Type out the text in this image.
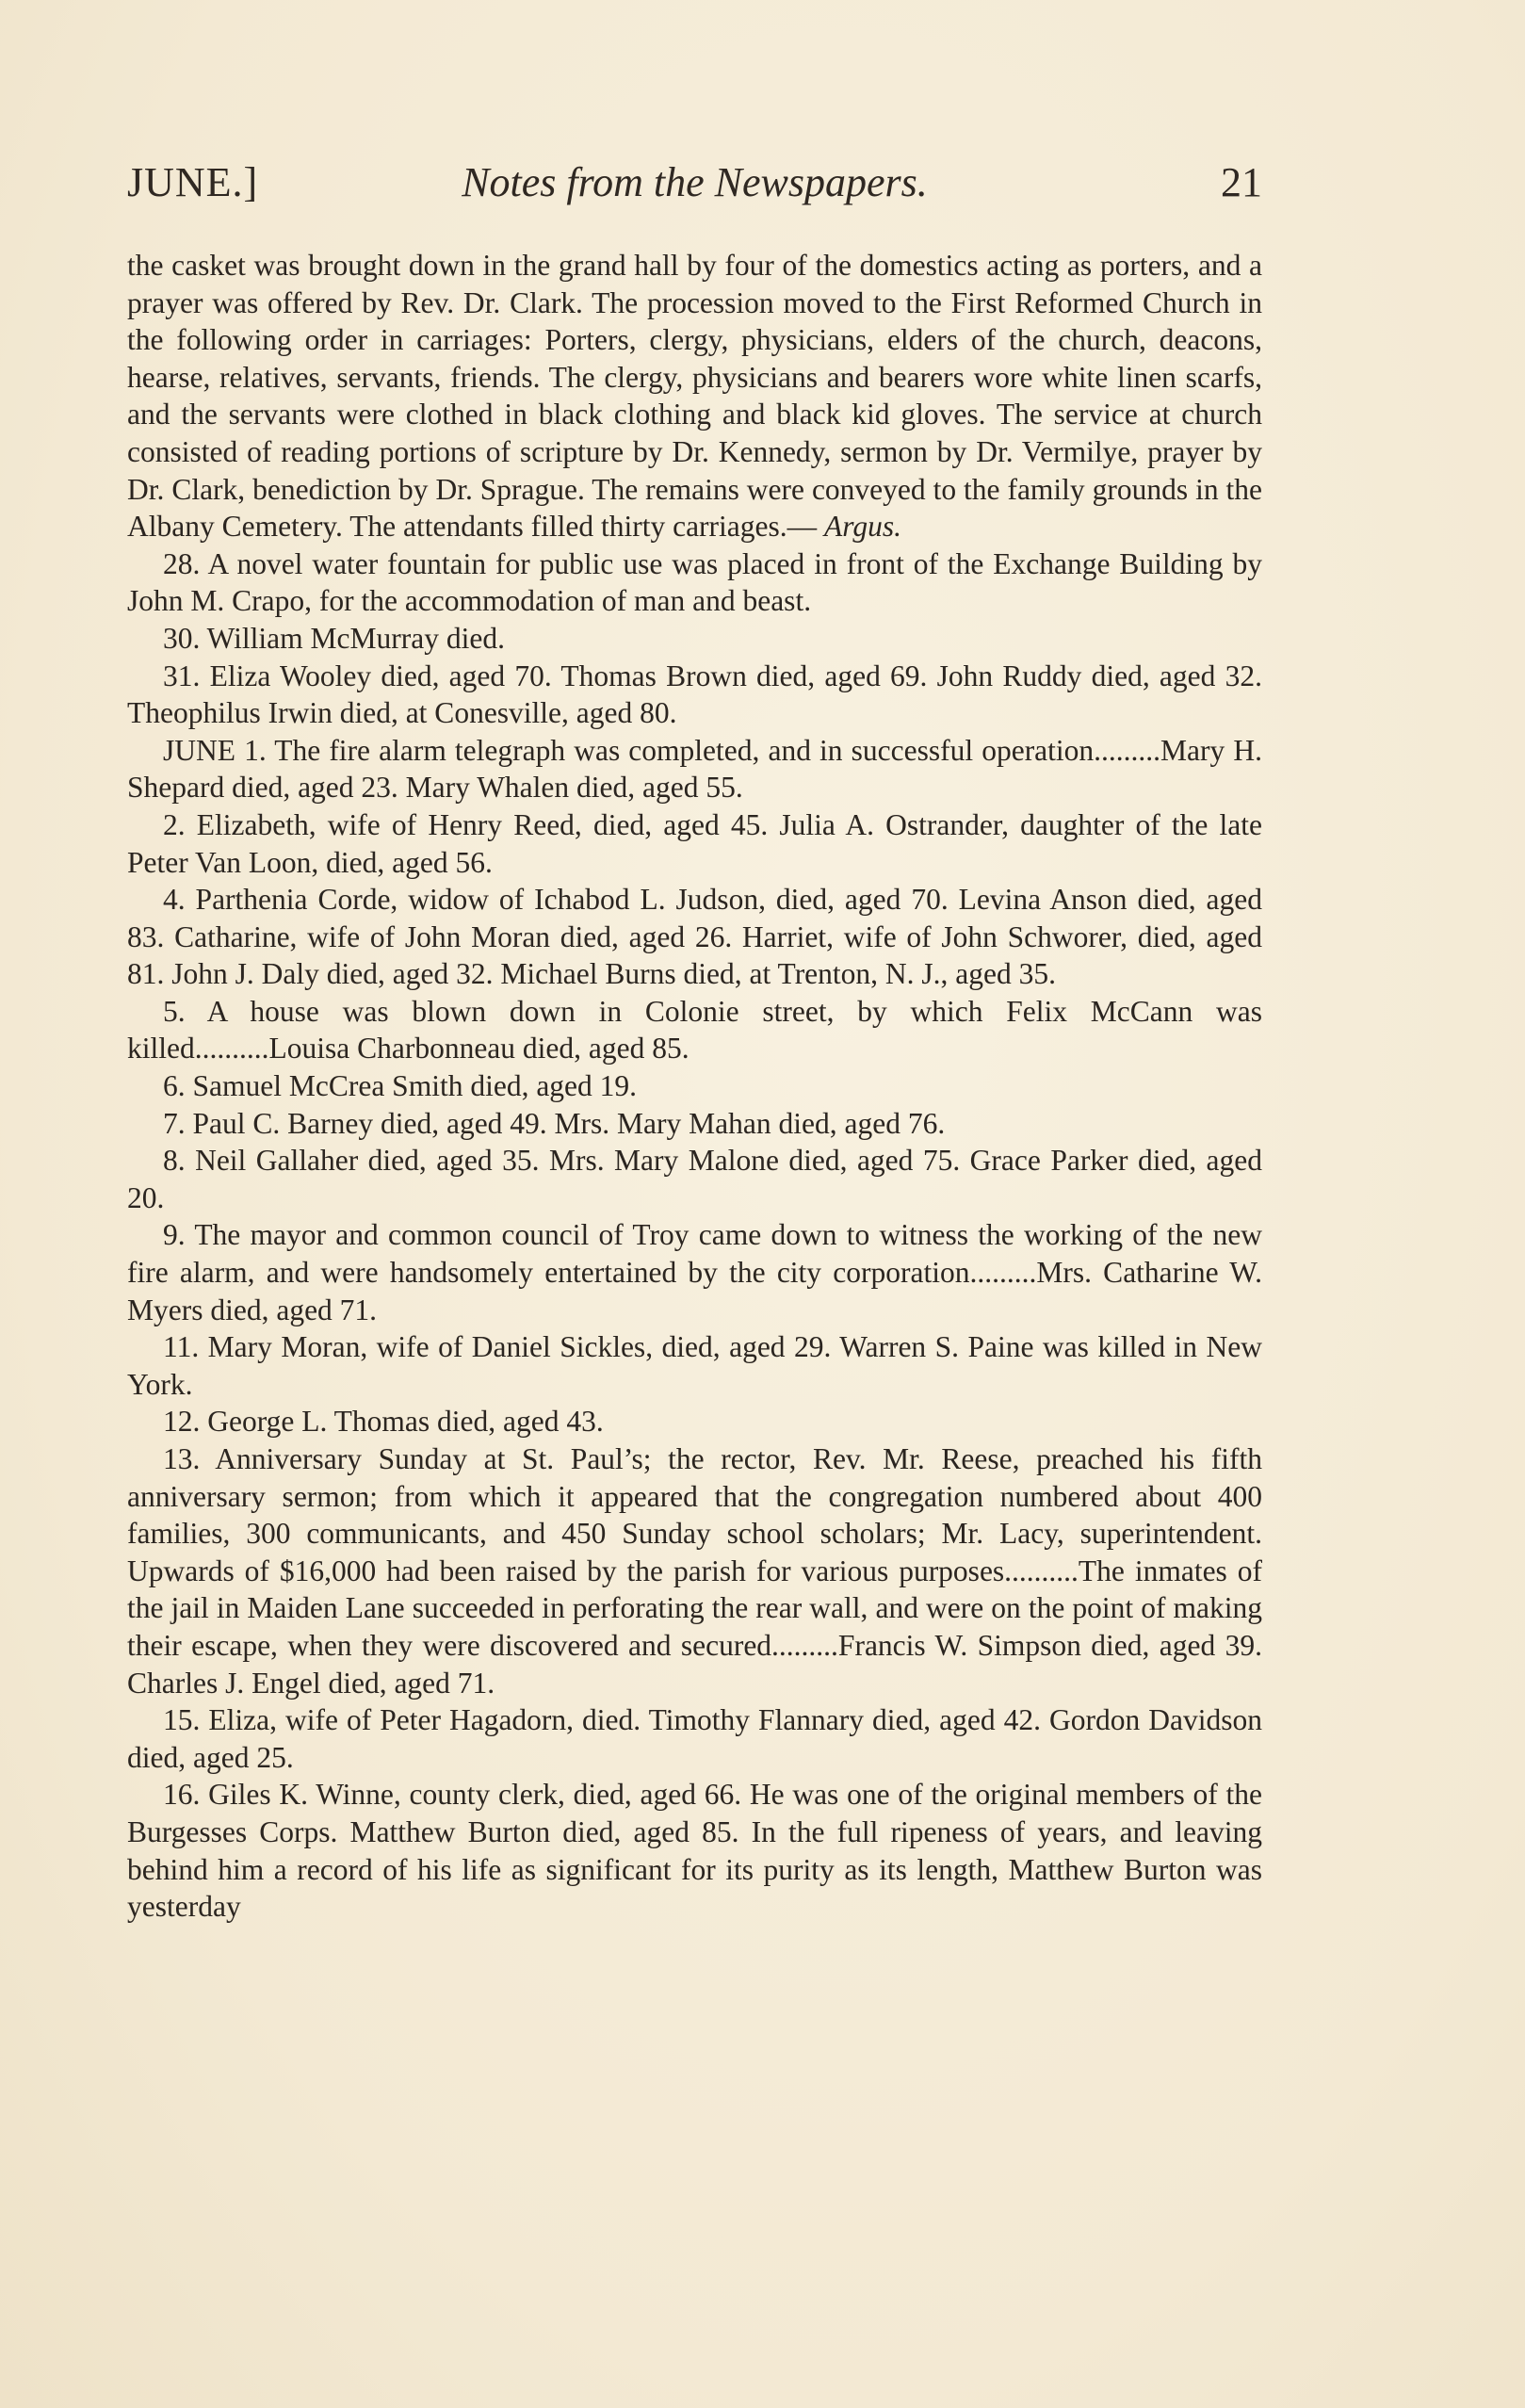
JUNE.]	Notes from the Newspapers.	21

the casket was brought down in the grand hall by four of the domestics acting as porters, and a prayer was offered by Rev. Dr. Clark. The procession moved to the First Reformed Church in the following order in carriages: Porters, clergy, physicians, elders of the church, deacons, hearse, relatives, servants, friends. The clergy, physicians and bearers wore white linen scarfs, and the servants were clothed in black clothing and black kid gloves. The service at church consisted of reading portions of scripture by Dr. Kennedy, sermon by Dr. Vermilye, prayer by Dr. Clark, benediction by Dr. Sprague. The remains were conveyed to the family grounds in the Albany Cemetery. The attendants filled thirty carriages.— Argus.

28. A novel water fountain for public use was placed in front of the Exchange Building by John M. Crapo, for the accommodation of man and beast.

30. William McMurray died.

31. Eliza Wooley died, aged 70. Thomas Brown died, aged 69. John Ruddy died, aged 32. Theophilus Irwin died, at Conesville, aged 80.

JUNE 1. The fire alarm telegraph was completed, and in successful operation.........Mary H. Shepard died, aged 23. Mary Whalen died, aged 55.

2. Elizabeth, wife of Henry Reed, died, aged 45. Julia A. Ostrander, daughter of the late Peter Van Loon, died, aged 56.

4. Parthenia Corde, widow of Ichabod L. Judson, died, aged 70. Levina Anson died, aged 83. Catharine, wife of John Moran died, aged 26. Harriet, wife of John Schworer, died, aged 81. John J. Daly died, aged 32. Michael Burns died, at Trenton, N. J., aged 35.

5. A house was blown down in Colonie street, by which Felix McCann was killed..........Louisa Charbonneau died, aged 85.

6. Samuel McCrea Smith died, aged 19.

7. Paul C. Barney died, aged 49. Mrs. Mary Mahan died, aged 76.

8. Neil Gallaher died, aged 35. Mrs. Mary Malone died, aged 75. Grace Parker died, aged 20.

9. The mayor and common council of Troy came down to witness the working of the new fire alarm, and were handsomely entertained by the city corporation.........Mrs. Catharine W. Myers died, aged 71.

11. Mary Moran, wife of Daniel Sickles, died, aged 29. Warren S. Paine was killed in New York.

12. George L. Thomas died, aged 43.

13. Anniversary Sunday at St. Paul’s; the rector, Rev. Mr. Reese, preached his fifth anniversary sermon; from which it appeared that the congregation numbered about 400 families, 300 communicants, and 450 Sunday school scholars; Mr. Lacy, superintendent. Upwards of $16,000 had been raised by the parish for various purposes..........The inmates of the jail in Maiden Lane succeeded in perforating the rear wall, and were on the point of making their escape, when they were discovered and secured.........Francis W. Simpson died, aged 39. Charles J. Engel died, aged 71.

15. Eliza, wife of Peter Hagadorn, died. Timothy Flannary died, aged 42. Gordon Davidson died, aged 25.

16. Giles K. Winne, county clerk, died, aged 66. He was one of the original members of the Burgesses Corps. Matthew Burton died, aged 85. In the full ripeness of years, and leaving behind him a record of his life as significant for its purity as its length, Matthew Burton was yesterday
